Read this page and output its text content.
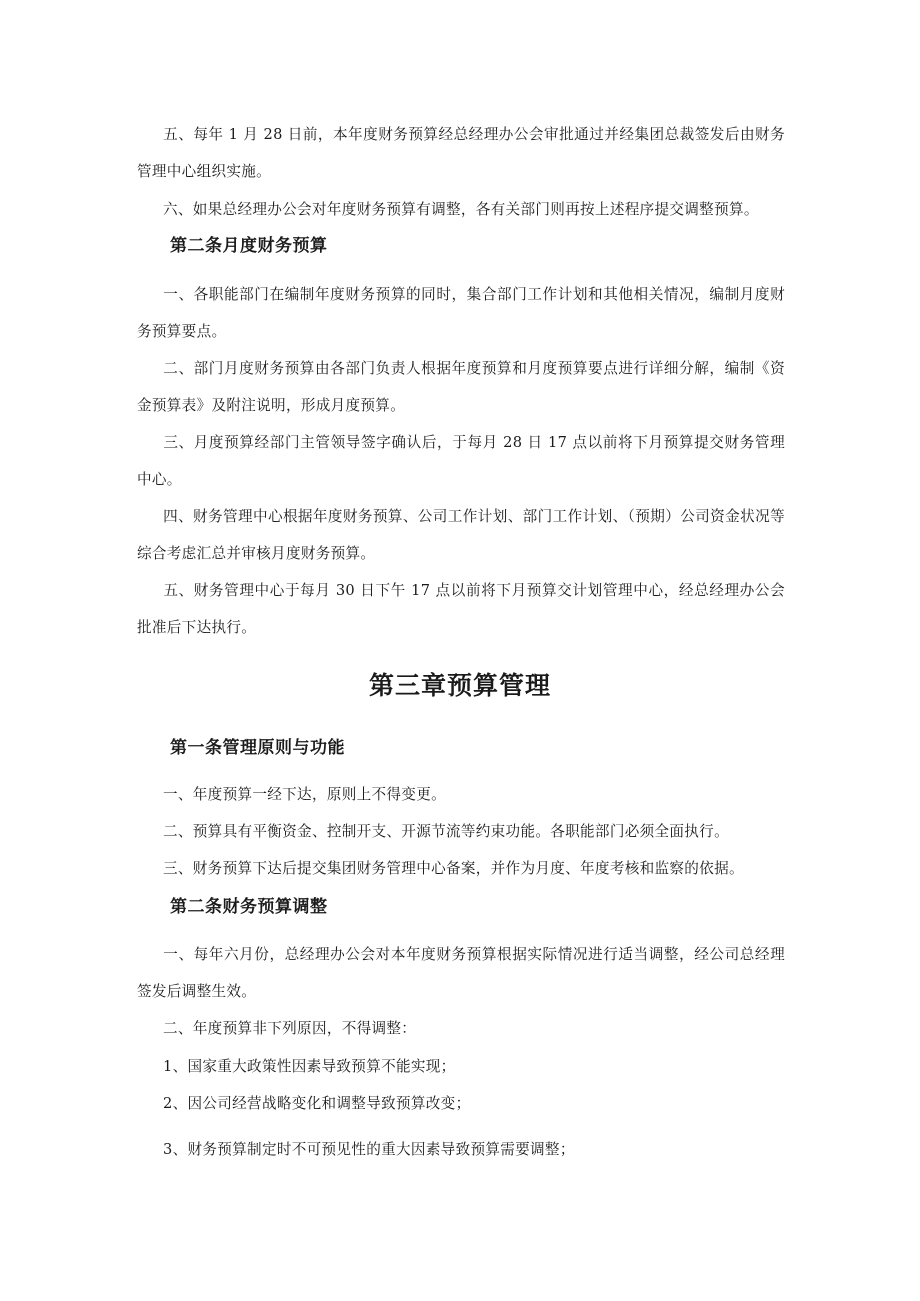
五、每年 1 月 28 日前，本年度财务预算经总经理办公会审批通过并经集团总裁签发后由财务管理中心组织实施。

六、如果总经理办公会对年度财务预算有调整，各有关部门则再按上述程序提交调整预算。

第二条月度财务预算

一、各职能部门在编制年度财务预算的同时，集合部门工作计划和其他相关情况，编制月度财务预算要点。

二、部门月度财务预算由各部门负责人根据年度预算和月度预算要点进行详细分解，编制《资金预算表》及附注说明，形成月度预算。

三、月度预算经部门主管领导签字确认后，于每月 28 日 17 点以前将下月预算提交财务管理中心。

四、财务管理中心根据年度财务预算、公司工作计划、部门工作计划、（预期）公司资金状况等综合考虑汇总并审核月度财务预算。

五、财务管理中心于每月 30 日下午 17 点以前将下月预算交计划管理中心，经总经理办公会批准后下达执行。

第三章预算管理
第一条管理原则与功能

一、年度预算一经下达，原则上不得变更。

二、预算具有平衡资金、控制开支、开源节流等约束功能。各职能部门必须全面执行。

三、财务预算下达后提交集团财务管理中心备案，并作为月度、年度考核和监察的依据。

第二条财务预算调整

一、每年六月份，总经理办公会对本年度财务预算根据实际情况进行适当调整，经公司总经理签发后调整生效。

二、年度预算非下列原因，不得调整：

1、国家重大政策性因素导致预算不能实现；

2、因公司经营战略变化和调整导致预算改变；

3、财务预算制定时不可预见性的重大因素导致预算需要调整；
